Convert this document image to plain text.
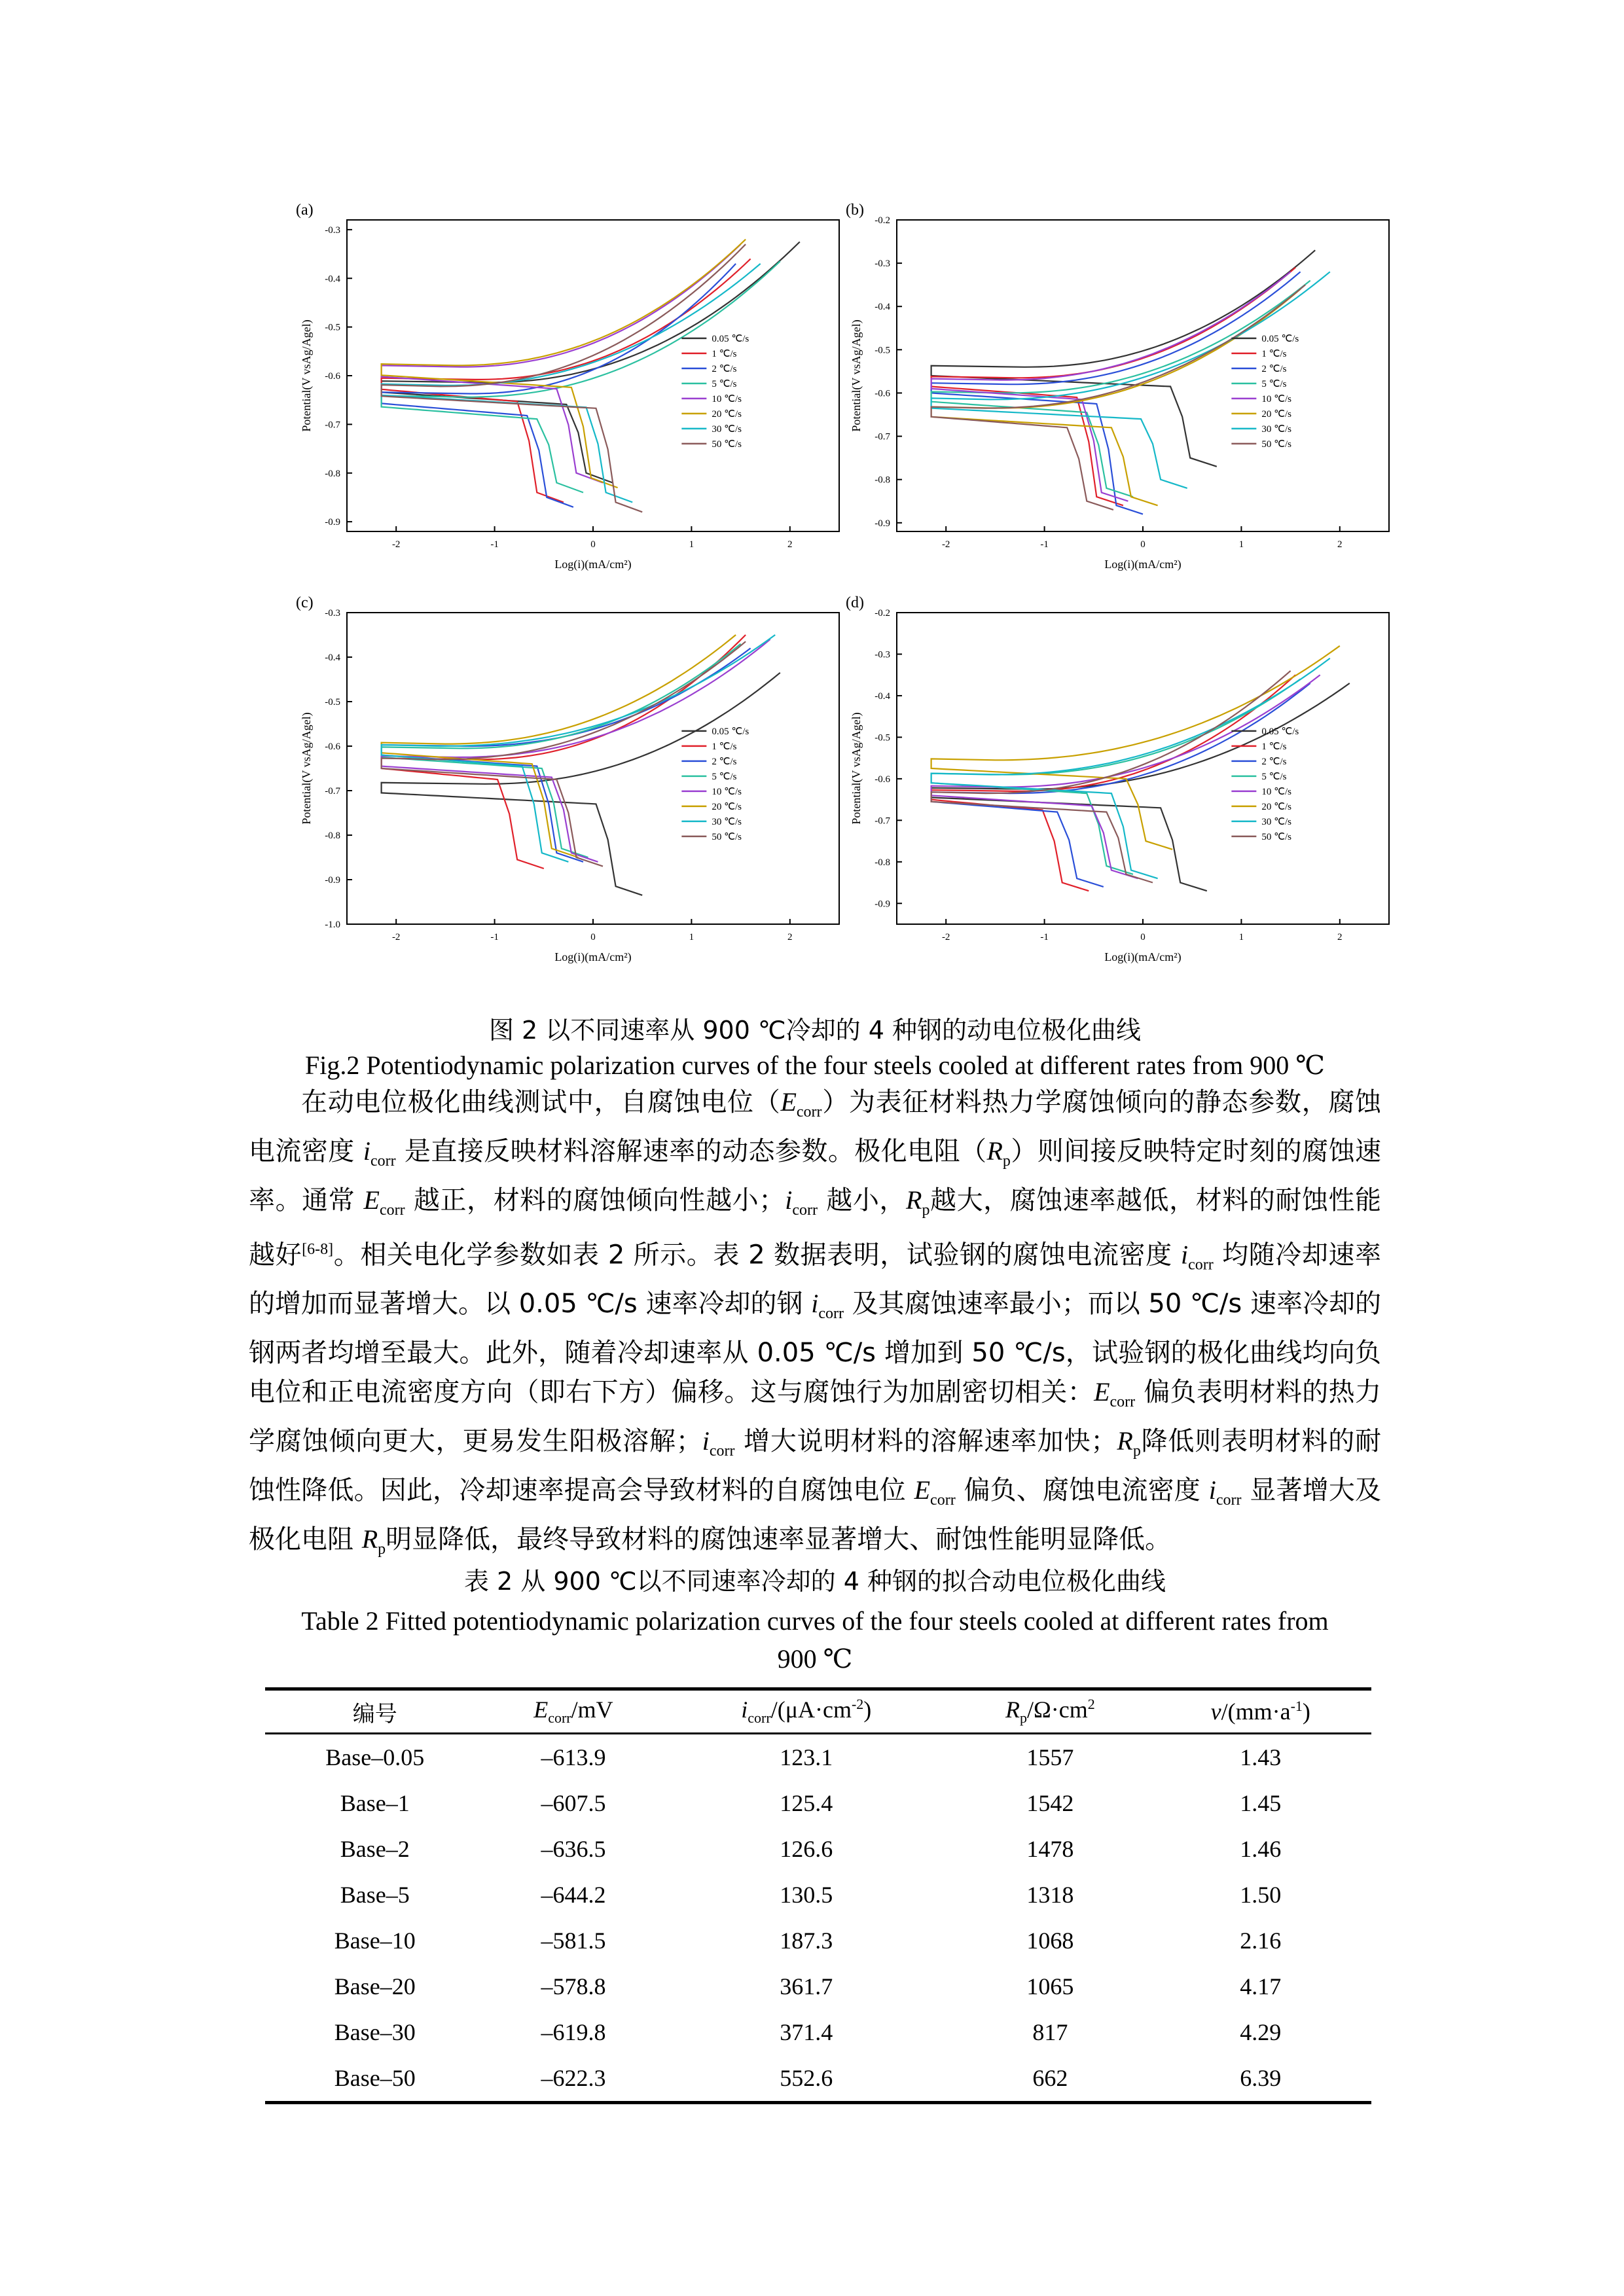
(a)
-2	-1	0	1	2
-0.9
-0.8
-0.7
-0.6
-0.5
-0.4
-0.3
Log(i)(mA/cm²)
Potential(V vsAg/Agel)	0.05 ℃/s
1 ℃/s
2 ℃/s
5 ℃/s
10 ℃/s
20 ℃/s
30 ℃/s
50 ℃/s
(b)
-2	-1	0	1	2
-0.9
-0.8
-0.7
-0.6
-0.5
-0.4
-0.3
-0.2
Log(i)(mA/cm²)
Potential(V vsAg/Agel)	0.05 ℃/s
1 ℃/s
2 ℃/s
5 ℃/s
10 ℃/s
20 ℃/s
30 ℃/s
50 ℃/s
(c)
-2	-1	0	1	2
-1.0
-0.9
-0.8
-0.7
-0.6
-0.5
-0.4
-0.3
Log(i)(mA/cm²)
Potential(V vsAg/Agel)	0.05 ℃/s
1 ℃/s
2 ℃/s
5 ℃/s
10 ℃/s
20 ℃/s
30 ℃/s
50 ℃/s
(d)
-2	-1	0	1	2
-0.9
-0.8
-0.7
-0.6
-0.5
-0.4
-0.3
-0.2
Log(i)(mA/cm²)
Potential(V vsAg/Agel)	0.05 ℃/s
1 ℃/s
2 ℃/s
5 ℃/s
10 ℃/s
20 ℃/s
30 ℃/s
50 ℃/s
图 2 以不同速率从 900 ℃冷却的 4 种钢的动电位极化曲线
Fig.2 Potentiodynamic polarization curves of the four steels cooled at different rates from 900 ℃

在动电位极化曲线测试中，自腐蚀电位$(E_{corr})$为表征材料热力学腐蚀倾向的静态参数，腐蚀电流密度 $i_{corr}$ 是直接反映材料溶解速率的动态参数。极化电阻$(R_p)$则间接反映特定时刻的腐蚀速率。通常 $E_{corr}$ 越正，材料的腐蚀倾向性越小；$i_{corr}$ 越小，$R_p$越大，腐蚀速率越低，材料的耐蚀性能越好[6-8]。相关电化学参数如表 2 所示。表 2 数据表明，试验钢的腐蚀电流密度 $i_{corr}$ 均随冷却速率的增加而显著增大。以 0.05 ℃/s 速率冷却的钢 $i_{corr}$ 及其腐蚀速率最小；而以 50 ℃/s 速率冷却的钢两者均增至最大。此外，随着冷却速率从 0.05 ℃/s 增加到 50 ℃/s，试验钢的极化曲线均向负电位和正电流密度方向（即右下方）偏移。这与腐蚀行为加剧密切相关：$E_{corr}$ 偏负表明材料的热力学腐蚀倾向更大，更易发生阳极溶解；$i_{corr}$ 增大说明材料的溶解速率加快；$R_p$降低则表明材料的耐蚀性降低。因此，冷却速率提高会导致材料的自腐蚀电位 $E_{corr}$ 偏负、腐蚀电流密度 $i_{corr}$ 显著增大及极化电阻 $R_p$明显降低，最终导致材料的腐蚀速率显著增大、耐蚀性能明显降低。

表 2 从 900 ℃以不同速率冷却的 4 种钢的拟合动电位极化曲线
Table 2 Fitted potentiodynamic polarization curves of the four steels cooled at different rates from
900 ℃
编号	$E_{corr}/mV$	$i_{corr}/(\mu A\cdot cm^{-2})$	$R_p/\Omega\cdot cm^2$	$v/(mm\cdot a^{-1})$
Base–0.05	–613.9	123.1	1557	1.43
Base–1	–607.5	125.4	1542	1.45
Base–2	–636.5	126.6	1478	1.46
Base–5	–644.2	130.5	1318	1.50
Base–10	–581.5	187.3	1068	2.16
Base–20	–578.8	361.7	1065	4.17
Base–30	–619.8	371.4	817	4.29
Base–50	–622.3	552.6	662	6.39
